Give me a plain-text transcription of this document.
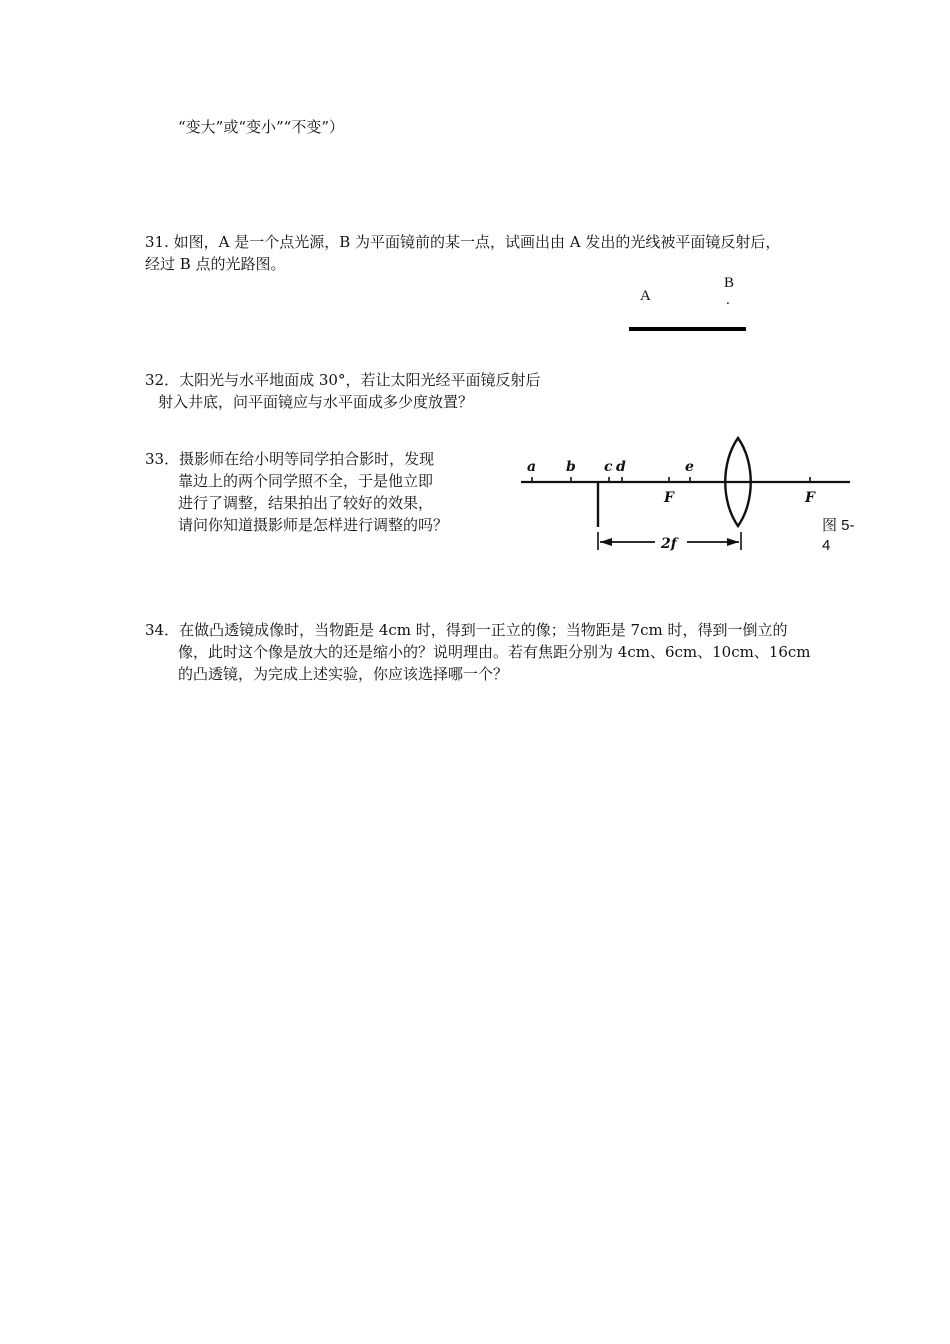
“变大”或“变小”“不变”）
31. 如图，A 是一个点光源，B 为平面镜前的某一点，试画出由 A 发出的光线被平面镜反射后，
经过 B 点的光路图。
A
B
.
32．太阳光与水平地面成 30°，若让太阳光经平面镜反射后
射入井底，问平面镜应与水平面成多少度放置？
33．摄影师在给小明等同学拍合影时，发现
靠边上的两个同学照不全，于是他立即
进行了调整，结果拍出了较好的效果，
请问你知道摄影师是怎样进行调整的吗？
a b c d	e
F	F
2f
图 5-
4
34．在做凸透镜成像时，当物距是 4cm 时，得到一正立的像；当物距是 7cm 时，得到一倒立的
像，此时这个像是放大的还是缩小的？说明理由。若有焦距分别为 4cm、6cm、10cm、16cm
的凸透镜，为完成上述实验，你应该选择哪一个？
